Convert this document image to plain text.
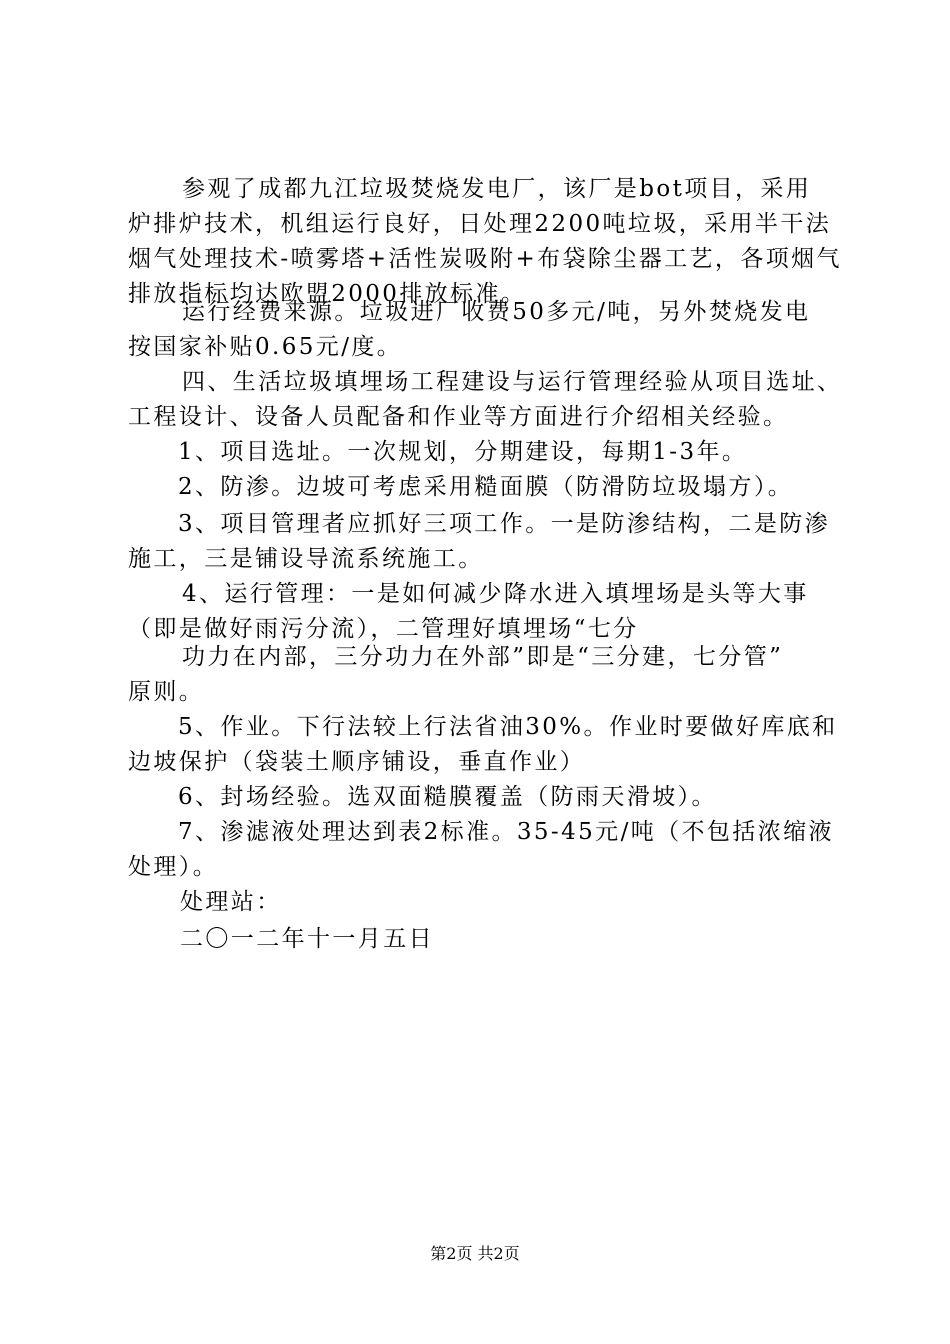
参观了成都九江垃圾焚烧发电厂，该厂是bot项目，采用
炉排炉技术，机组运行良好，日处理2200吨垃圾，采用半干法
烟气处理技术-喷雾塔+活性炭吸附+布袋除尘器工艺，各项烟气
排放指标均达欧盟2000排放标准。
运行经费来源。垃圾进厂收费50多元/吨，另外焚烧发电
按国家补贴0.65元/度。
四、生活垃圾填埋场工程建设与运行管理经验从项目选址、
工程设计、设备人员配备和作业等方面进行介绍相关经验。
1、项目选址。一次规划，分期建设，每期1-3年。
2、防渗。边坡可考虑采用糙面膜（防滑防垃圾塌方）。
3、项目管理者应抓好三项工作。一是防渗结构，二是防渗
施工，三是铺设导流系统施工。
4、运行管理：一是如何减少降水进入填埋场是头等大事
（即是做好雨污分流），二管理好填埋场“七分
功力在内部，三分功力在外部”即是“三分建，七分管”
原则。
5、作业。下行法较上行法省油30%。作业时要做好库底和
边坡保护（袋装土顺序铺设，垂直作业）
6、封场经验。选双面糙膜覆盖（防雨天滑坡）。
7、渗滤液处理达到表2标准。35-45元/吨（不包括浓缩液
处理）。
处理站：
二〇一二年十一月五日
第2页 共2页
